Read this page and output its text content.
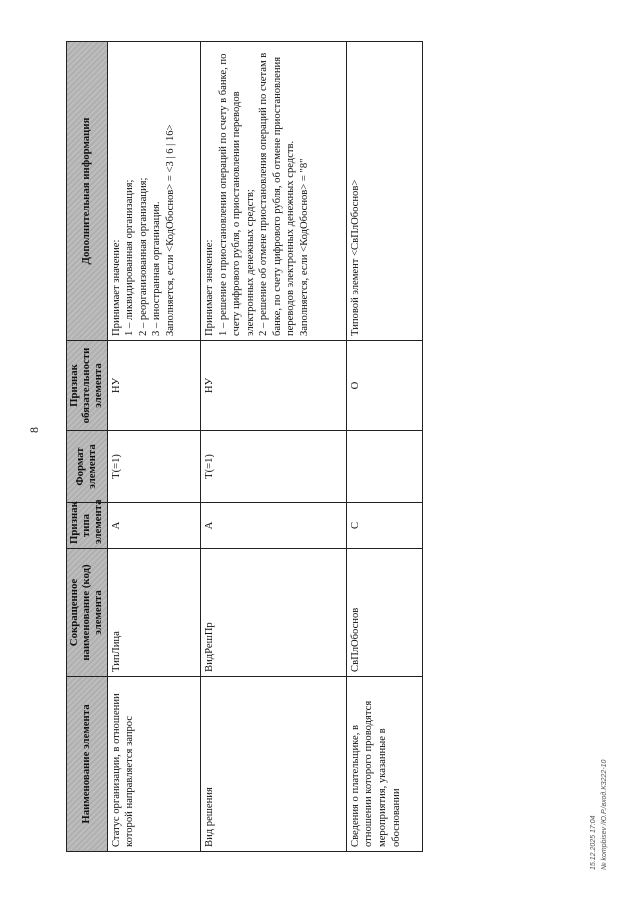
8
Наименование элемента	Сокращенное наименование (код) элемента	Признак типа элемента	Формат элемента	Признак обязательности элемента	Дополнительная информация
Статус организации, в отношении которой направляется запрос	ТипЛица	А	Т(=1)	НУ	Принимает значение: 1 – ликвидированная организация; 2 – реорганизованная организация; 3 – иностранная организация. Заполняется, если <КодОбоснов> = <3 | 6 | 16>

Вид решения	ВидРешПр	А	Т(=1)	НУ	Принимает значение: 1 – решение о приостановлении операций по счету в банке, по счету цифрового рубля, о приостановлении переводов электронных денежных средств; 2 – решение об отмене приостановления операций по счетам в банке, по счету цифрового рубля, об отмене приостановления переводов электронных денежных средств. Заполняется, если <КодОбоснов> = "8"

Сведения о плательщике, в отношении которого проводятся мероприятия, указанные в обосновании	СвПлОбоснов	С		О	Типовой элемент <СвПлОбоснов>
15.12.2025 17:04 № kompbisev /Ю.Р./вход.КЗ222-10
